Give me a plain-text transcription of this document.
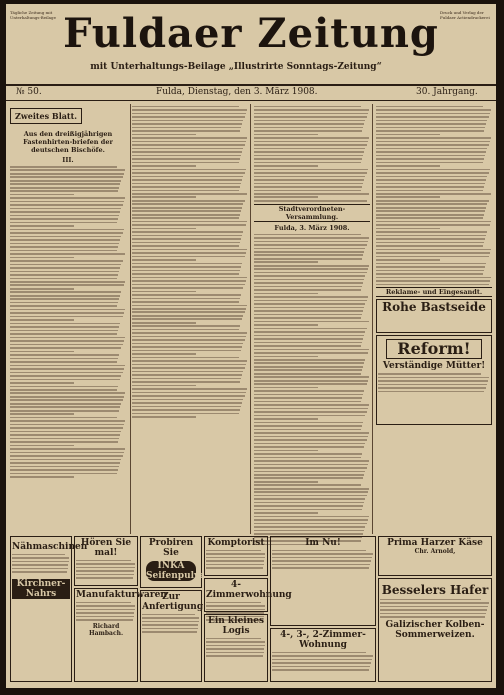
Tägliche Zeitung mit Unterhaltungs-Beilage
Druck und Verlag der Fuldaer Actiendruckerei
Fuldaer Zeitung
mit Unterhaltungs-Beilage „Illustrirte Sonntags-Zeitung“
№ 50.	Fulda, Dienstag, den 3. März 1908.	30. Jahrgang.
Zweites Blatt.
Aus den dreißigjährigen Fastenhirten-briefen der deutschen Bischöfe.
III.
Stadtverordneten-Versammlung.
Fulda, 3. März 1908.
Reklame- und Eingesandt.
Rohe Bastseide
Reform!
Verständige Mütter!
Nähmaschinen
Kirchner-Nahrs
Hören Sie mal!
Manufakturwaren
Richard Hambach.
Probiren Sie
INKA Seifenpulver
Zur Anfertigung
Komptorist
4-Zimmerwohnung
Ein kleines Logis
Im Nu!
4-, 3-, 2-Zimmer-Wohnung
Prima Harzer Käse
Chr. Arnold,
Besselers Hafer
Galizischer Kolben-Sommerweizen.
